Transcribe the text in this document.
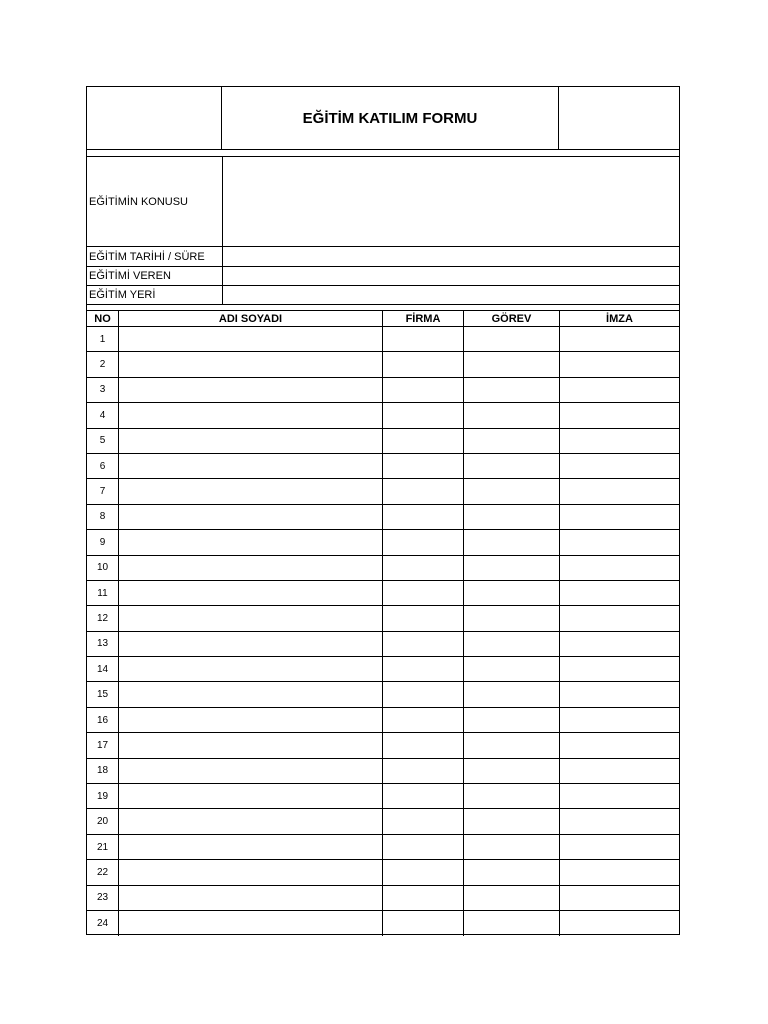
EĞİTİM KATILIM FORMU
EĞİTİMİN KONUSU
EĞİTİM TARİHİ / SÜRE
EĞİTİMİ VEREN
EĞİTİM YERİ
NO	ADI SOYADI	FİRMA	GÖREV	İMZA
1
2
3
4
5
6
7
8
9
10
11
12
13
14
15
16
17
18
19
20
21
22
23
24
